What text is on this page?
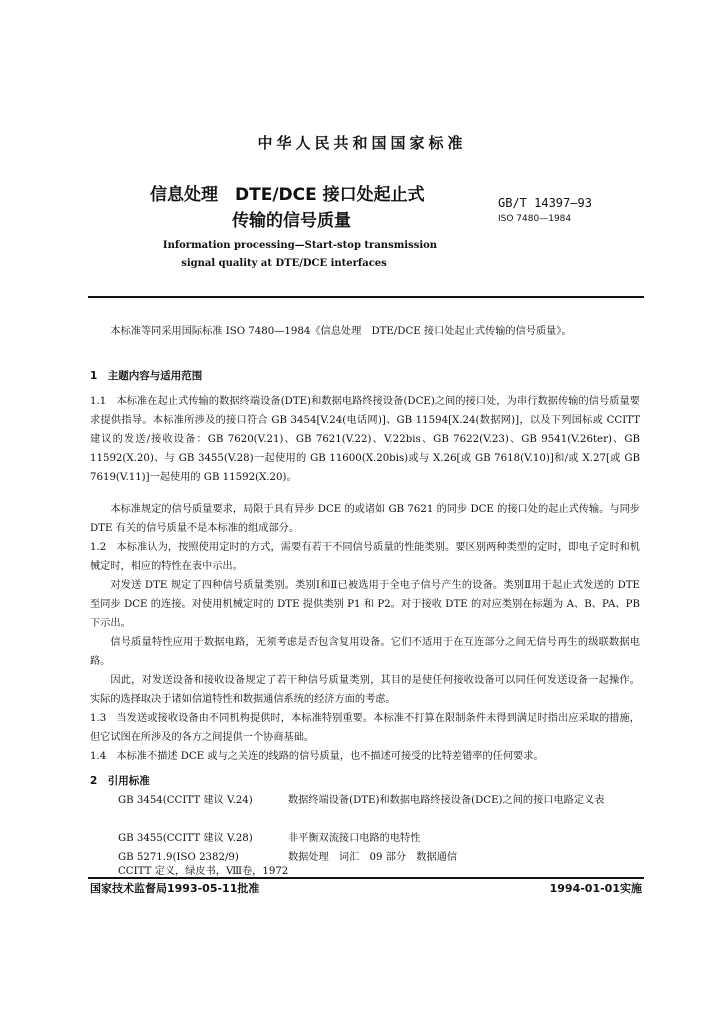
中华人民共和国国家标准
信息处理　DTE/DCE 接口处起止式
传输的信号质量
GB/T 14397—93
ISO 7480—1984
Information processing—Start-stop transmission
signal quality at DTE/DCE interfaces

本标准等同采用国际标准 ISO 7480—1984《信息处理　DTE/DCE 接口处起止式传输的信号质量》。

1　主题内容与适用范围

1.1　本标准在起止式传输的数据终端设备(DTE)和数据电路终接设备(DCE)之间的接口处，为串行数据传输的信号质量要求提供指导。本标准所涉及的接口符合 GB 3454[V.24(电话网)]、GB 11594[X.24(数据网)]，以及下列国标或 CCITT 建议的发送/接收设备：GB 7620(V.21)、GB 7621(V.22)、V.22bis、GB 7622(V.23)、GB 9541(V.26ter)、GB 11592(X.20)、与 GB 3455(V.28)一起使用的 GB 11600(X.20bis)或与 X.26[或 GB 7618(V.10)]和/或 X.27[或 GB 7619(V.11)]一起使用的 GB 11592(X.20)。

本标准规定的信号质量要求，局限于具有异步 DCE 的或诸如 GB 7621 的同步 DCE 的接口处的起止式传输。与同步 DTE 有关的信号质量不是本标准的组成部分。

1.2　本标准认为，按照使用定时的方式，需要有若干不同信号质量的性能类别。要区别两种类型的定时，即电子定时和机械定时，相应的特性在表中示出。

对发送 DTE 规定了四种信号质量类别。类别Ⅰ和Ⅱ已被选用于全电子信号产生的设备。类别Ⅱ用于起止式发送的 DTE 至同步 DCE 的连接。对使用机械定时的 DTE 提供类别 P1 和 P2。对于接收 DTE 的对应类别在标题为 A、B、PA、PB 下示出。

信号质量特性应用于数据电路，无须考虑是否包含复用设备。它们不适用于在互连部分之间无信号再生的级联数据电路。

因此，对发送设备和接收设备规定了若干种信号质量类别，其目的是使任何接收设备可以同任何发送设备一起操作。实际的选择取决于诸如信道特性和数据通信系统的经济方面的考虑。

1.3　当发送或接收设备由不同机构提供时，本标准特别重要。本标准不打算在限制条件未得到满足时指出应采取的措施，但它试图在所涉及的各方之间提供一个协商基础。

1.4　本标准不描述 DCE 或与之关连的线路的信号质量，也不描述可接受的比特差错率的任何要求。

2　引用标准
GB 3454(CCITT 建议 V.24)	数据终端设备(DTE)和数据电路终接设备(DCE)之间的接口电路定义表
GB 3455(CCITT 建议 V.28)	非平衡双流接口电路的电特性
GB 5271.9(ISO 2382/9)	数据处理　词汇　09 部分　数据通信
CCITT 定义，绿皮书，Ⅷ卷，1972
国家技术监督局1993-05-11批准	1994-01-01实施
